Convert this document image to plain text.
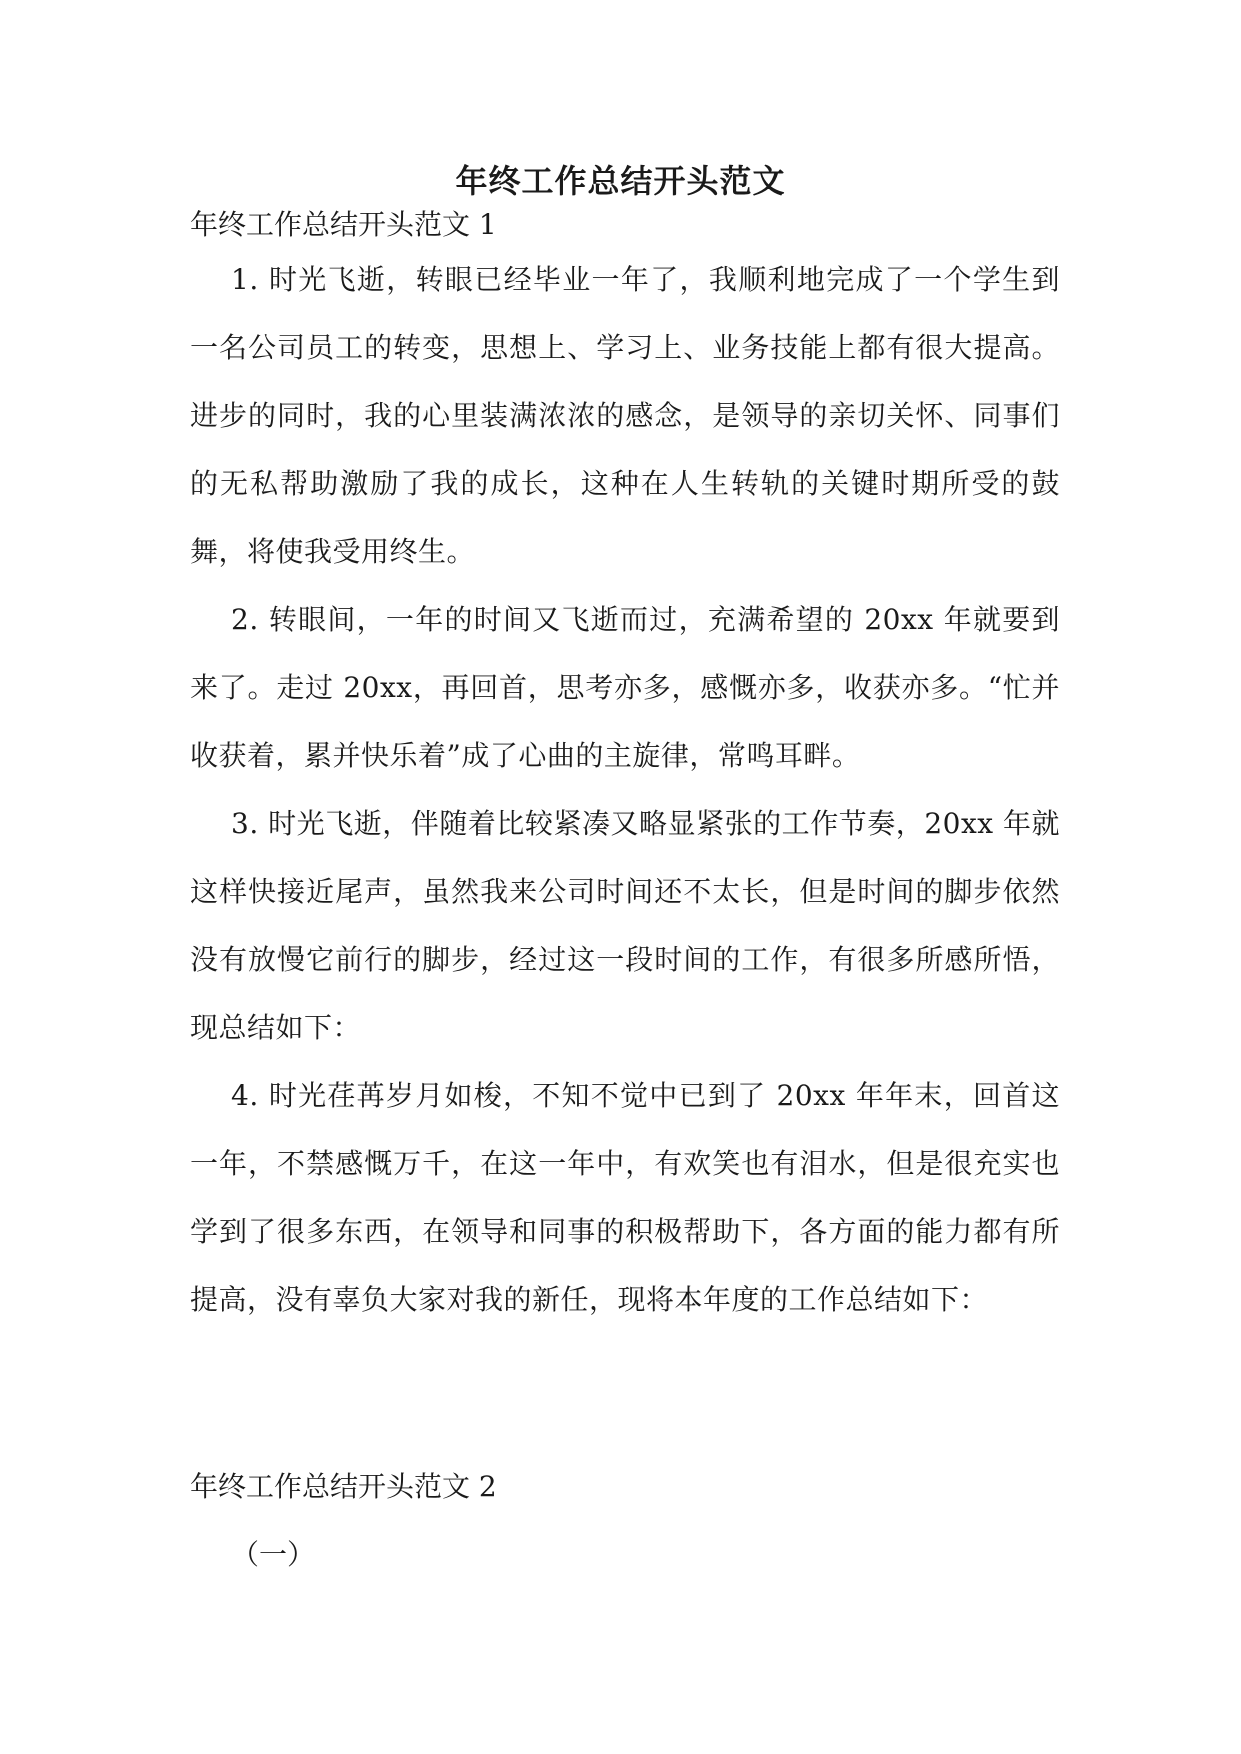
年终工作总结开头范文
年终工作总结开头范文 1
1. 时光飞逝，转眼已经毕业一年了，我顺利地完成了一个学生到一名公司员工的转变，思想上、学习上、业务技能上都有很大提高。进步的同时，我的心里装满浓浓的感念，是领导的亲切关怀、同事们的无私帮助激励了我的成长，这种在人生转轨的关键时期所受的鼓舞，将使我受用终生。
2. 转眼间，一年的时间又飞逝而过，充满希望的 20xx 年就要到来了。走过 20xx，再回首，思考亦多，感慨亦多，收获亦多。“忙并收获着，累并快乐着”成了心曲的主旋律，常鸣耳畔。
3. 时光飞逝，伴随着比较紧凑又略显紧张的工作节奏，20xx 年就这样快接近尾声，虽然我来公司时间还不太长，但是时间的脚步依然没有放慢它前行的脚步，经过这一段时间的工作，有很多所感所悟，现总结如下：
4. 时光荏苒岁月如梭，不知不觉中已到了 20xx 年年末，回首这一年，不禁感慨万千，在这一年中，有欢笑也有泪水，但是很充实也学到了很多东西，在领导和同事的积极帮助下，各方面的能力都有所提高，没有辜负大家对我的新任，现将本年度的工作总结如下：
年终工作总结开头范文 2
（一）
